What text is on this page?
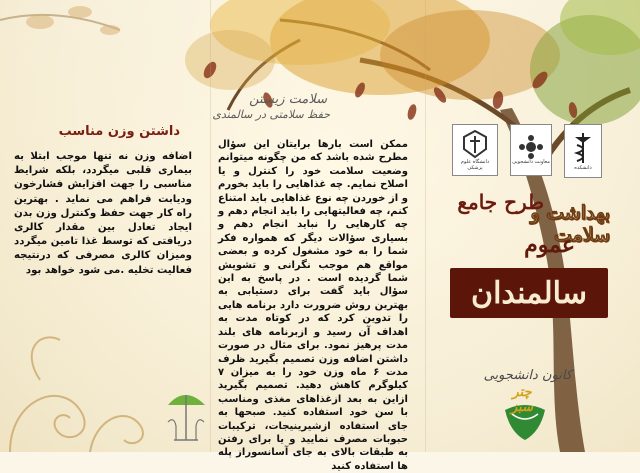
داشتن وزن مناسب
اضافه وزن نه تنها موجب ابتلا به بیماری قلبی میگردد، بلکه شرایط مناسبی را جهت افزایش فشارخون ودیابت فراهم می نماید . بهترین راه کار جهت حفظ وکنترل وزن بدن ایجاد تعادل بین مقدار کالری دریافتی که توسط غذا تامین میگردد ومیزان کالری مصرفی که درنتیجه فعالیت تخلیه .می شود خواهد بود
سلامت زیستن
حفظ سلامتی در سالمندی
ممکن است بارها برایتان این سؤال مطرح شده باشد که من چگونه میتوانم وضعیت سلامت خود را کنترل و یا اصلاح نمایم. چه غذاهایی را باید بخورم و از خوردن چه نوع غذاهایی باید امتناع کنم، چه فعالیتهایی را باید انجام دهم و چه کارهایی را نباید انجام دهم و بسیاری سؤالات دیگر که همواره فکر شما را به خود مشغول کرده و بعضی مواقع هم موجب نگرانی و تشویش شما گردیده است . در پاسخ به این سؤال باید گفت برای دستیابی به بهترین روش ضرورت دارد برنامه هایی را تدوین کرد که در کوتاه مدت به اهداف آن رسید و ازبرنامه های بلند مدت پرهیز نمود. برای مثال در صورت داشتن اضافه وزن تصمیم بگیرید ظرف مدت ۶ ماه وزن خود را به میزان ۷ کیلوگرم کاهش دهید. تصمیم بگیرید ازاین به بعد ازغذاهای مغذی ومناسب با سن خود استفاده کنید. صبحها به جای استفاده ازشیرینیجات، ترکیبات حبوبات مصرف نمایید و یا برای رفتن به طبقات بالای به جای آسانسوراز پله ها استفاده کنید
دانشگاه علوم پزشکی
معاونت دانشجویی
دانشکده
طرح جامع
بهداشت و سلامت
عموم
سالمندان
کانون دانشجویی
چتر سبز
